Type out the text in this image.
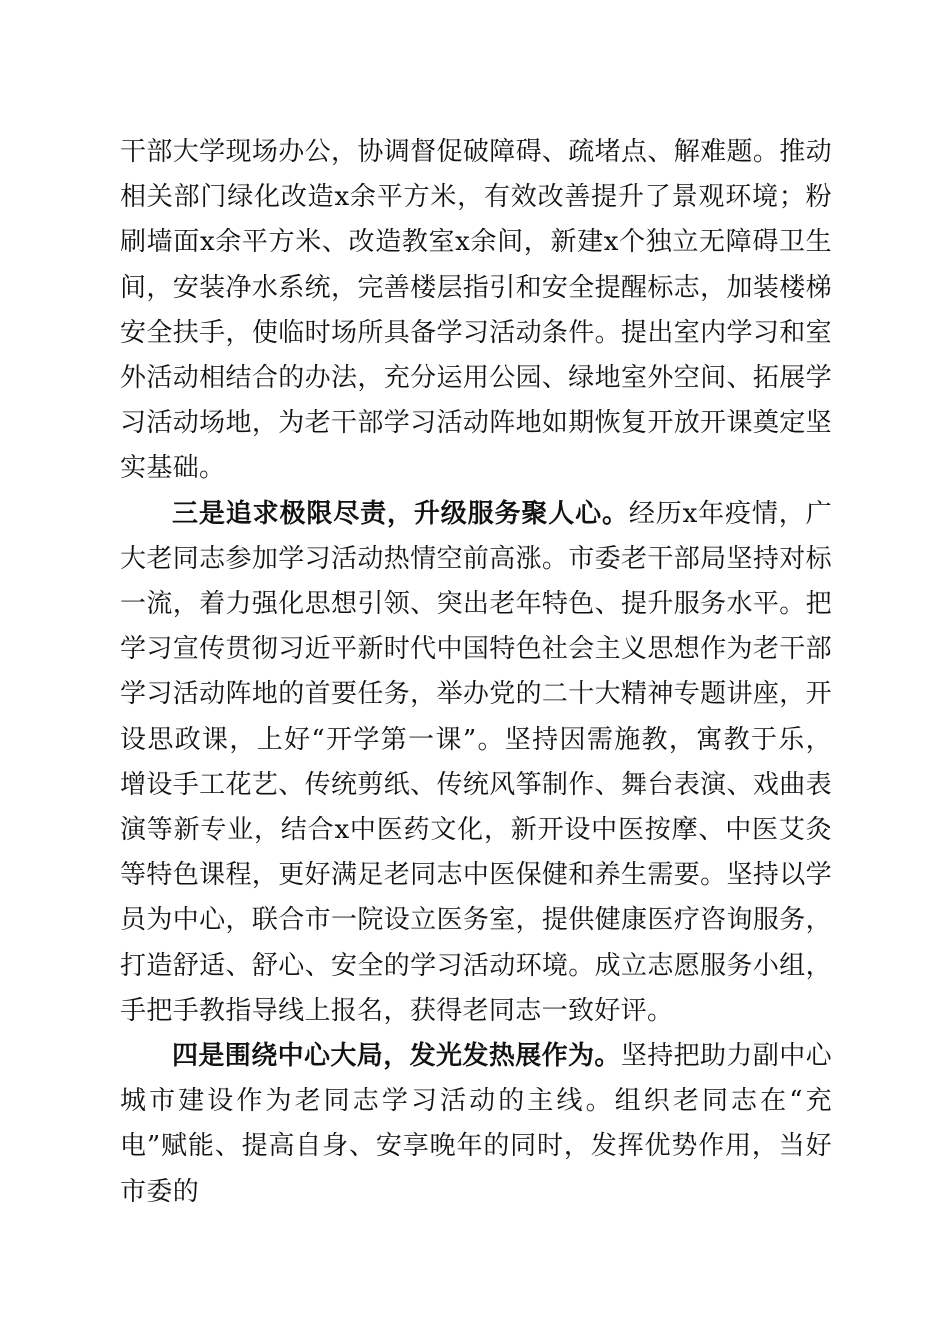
干部大学现场办公，协调督促破障碍、疏堵点、解难题。推动相关部门绿化改造x余平方米，有效改善提升了景观环境；粉刷墙面x余平方米、改造教室x余间，新建x个独立无障碍卫生间，安装净水系统，完善楼层指引和安全提醒标志，加装楼梯安全扶手，使临时场所具备学习活动条件。提出室内学习和室外活动相结合的办法，充分运用公园、绿地室外空间、拓展学习活动场地，为老干部学习活动阵地如期恢复开放开课奠定坚实基础。

三是追求极限尽责，升级服务聚人心。经历x年疫情，广大老同志参加学习活动热情空前高涨。市委老干部局坚持对标一流，着力强化思想引领、突出老年特色、提升服务水平。把学习宣传贯彻习近平新时代中国特色社会主义思想作为老干部学习活动阵地的首要任务，举办党的二十大精神专题讲座，开设思政课，上好“开学第一课”。坚持因需施教，寓教于乐，增设手工花艺、传统剪纸、传统风筝制作、舞台表演、戏曲表演等新专业，结合x中医药文化，新开设中医按摩、中医艾灸等特色课程，更好满足老同志中医保健和养生需要。坚持以学员为中心，联合市一院设立医务室，提供健康医疗咨询服务，打造舒适、舒心、安全的学习活动环境。成立志愿服务小组，手把手教指导线上报名，获得老同志一致好评。

四是围绕中心大局，发光发热展作为。坚持把助力副中心城市建设作为老同志学习活动的主线。组织老同志在“充电”赋能、提高自身、安享晚年的同时，发挥优势作用，当好市委的
